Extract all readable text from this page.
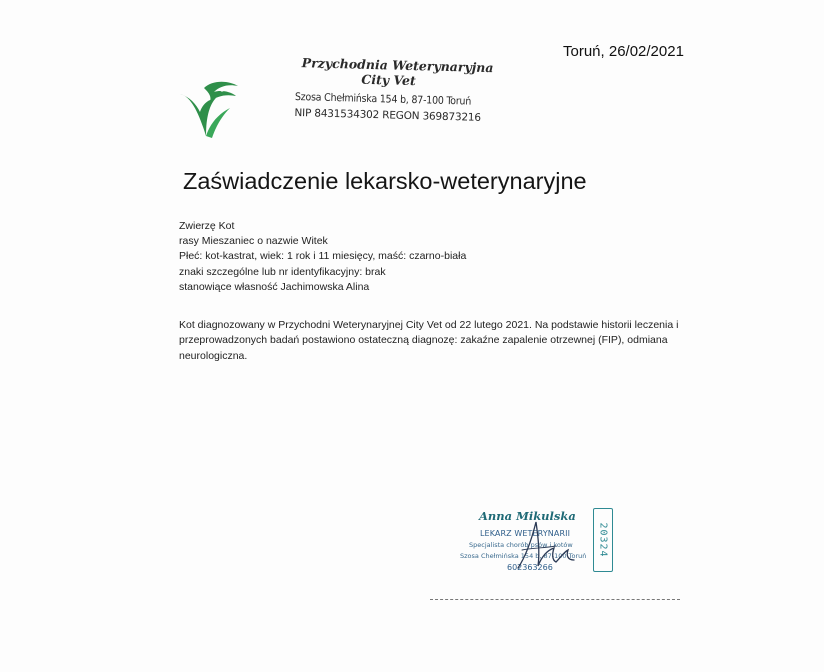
Toruń, 26/02/2021
Przychodnia Weterynaryjna
City Vet
Szosa Chełmińska 154 b, 87-100 Toruń
NIP 8431534302 REGON 369873216
Zaświadczenie lekarsko-weterynaryjne
Zwierzę Kot
rasy Mieszaniec o nazwie Witek
Płeć: kot-kastrat, wiek: 1 rok i 11 miesięcy, maść: czarno-biała
znaki szczególne lub nr identyfikacyjny: brak
stanowiące własność Jachimowska Alina
Kot diagnozowany w Przychodni Weterynaryjnej City Vet od 22 lutego 2021. Na podstawie historii leczenia i przeprowadzonych badań postawiono ostateczną diagnozę: zakaźne zapalenie otrzewnej (FIP), odmiana neurologiczna.
Anna Mikulska
LEKARZ WETERYNARII
Specjalista chorób psów i kotów
Szosa Chełmińska 154 b, 87-100 Toruń
602363266
20324
